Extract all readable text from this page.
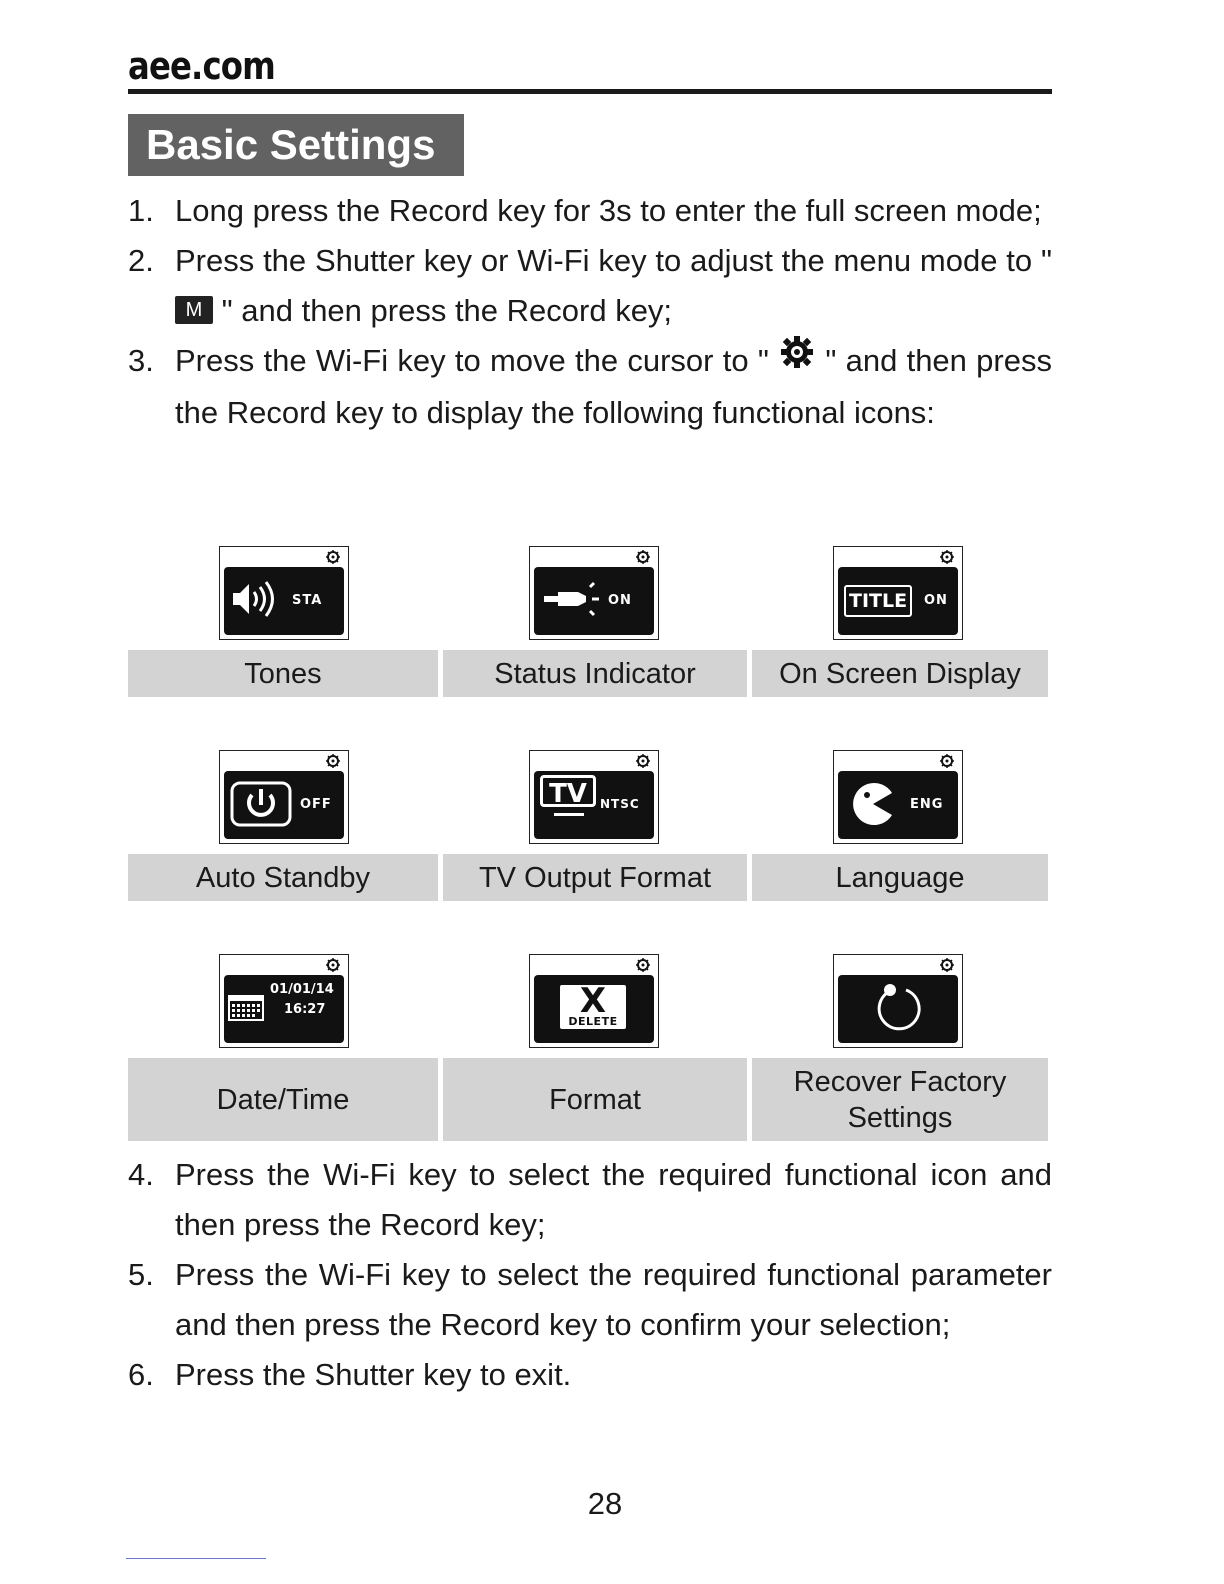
aee.com
Basic Settings
1. Long press the Record key for 3s to enter the full screen mode;
2. Press the Shutter key or Wi-Fi key to adjust the menu mode to " M " and then press the Record key;
3. Press the Wi-Fi key to move the cursor to " " and then press the Record key to display the following functional icons:
STA
Tones
ON
Status Indicator
TITLE	ON
On Screen Display
OFF
Auto Standby
TV	NTSC
TV Output Format
ENG
Language
01/01/14
16:27
Date/Time
X
DELETE
Format
Recover Factory Settings
4. Press the Wi-Fi key to select the required functional icon and then press the Record key;
5. Press the Wi-Fi key to select the required functional parameter and then press the Record key to confirm your selection;
6. Press the Shutter key to exit.
28
